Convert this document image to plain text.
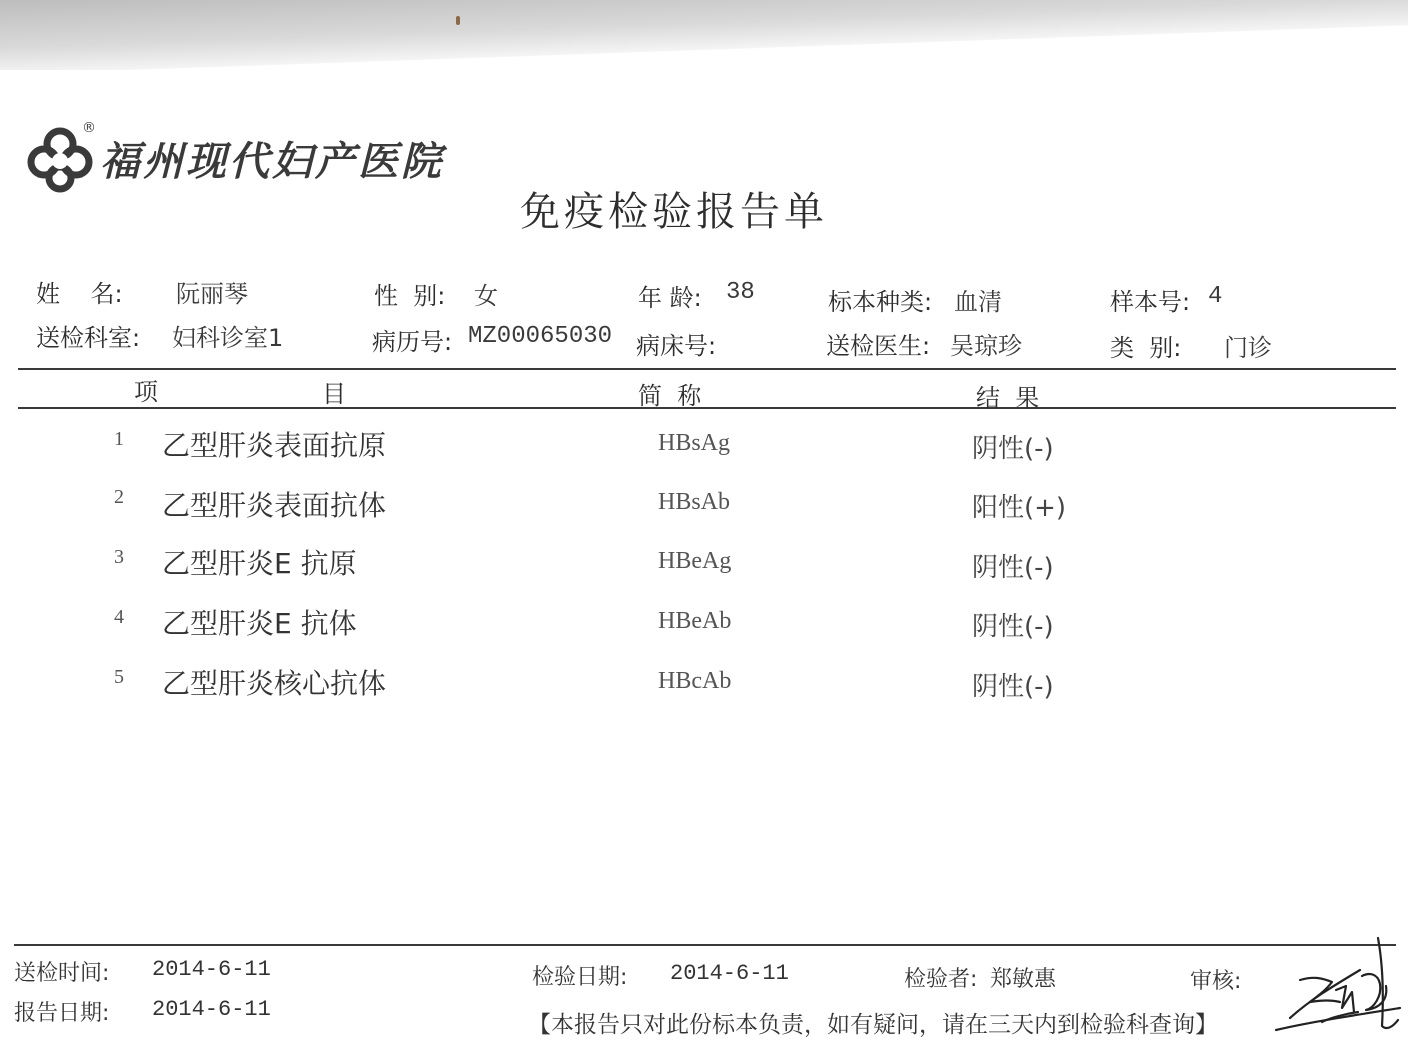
®
福州现代妇产医院
免疫检验报告单
姓    名: 阮丽琴	性  别: 女	年 龄: 38	标本种类: 血清	样本号: 4
送检科室: 妇科诊室1	病历号: MZ00065030 病床号:	送检医生: 吴琼珍	类  别: 门诊
项	目	简  称	结  果
1 乙型肝炎表面抗原	HBsAg	阴性(-)
2 乙型肝炎表面抗体	HBsAb	阳性(+)
3 乙型肝炎E 抗原	HBeAg	阴性(-)
4 乙型肝炎E 抗体	HBeAb	阴性(-)
5 乙型肝炎核心抗体	HBcAb	阴性(-)
送检时间: 2014-6-11
报告日期: 2014-6-11
检验日期: 2014-6-11	检验者: 郑敏惠	审核:
【本报告只对此份标本负责，如有疑问，请在三天内到检验科查询】
